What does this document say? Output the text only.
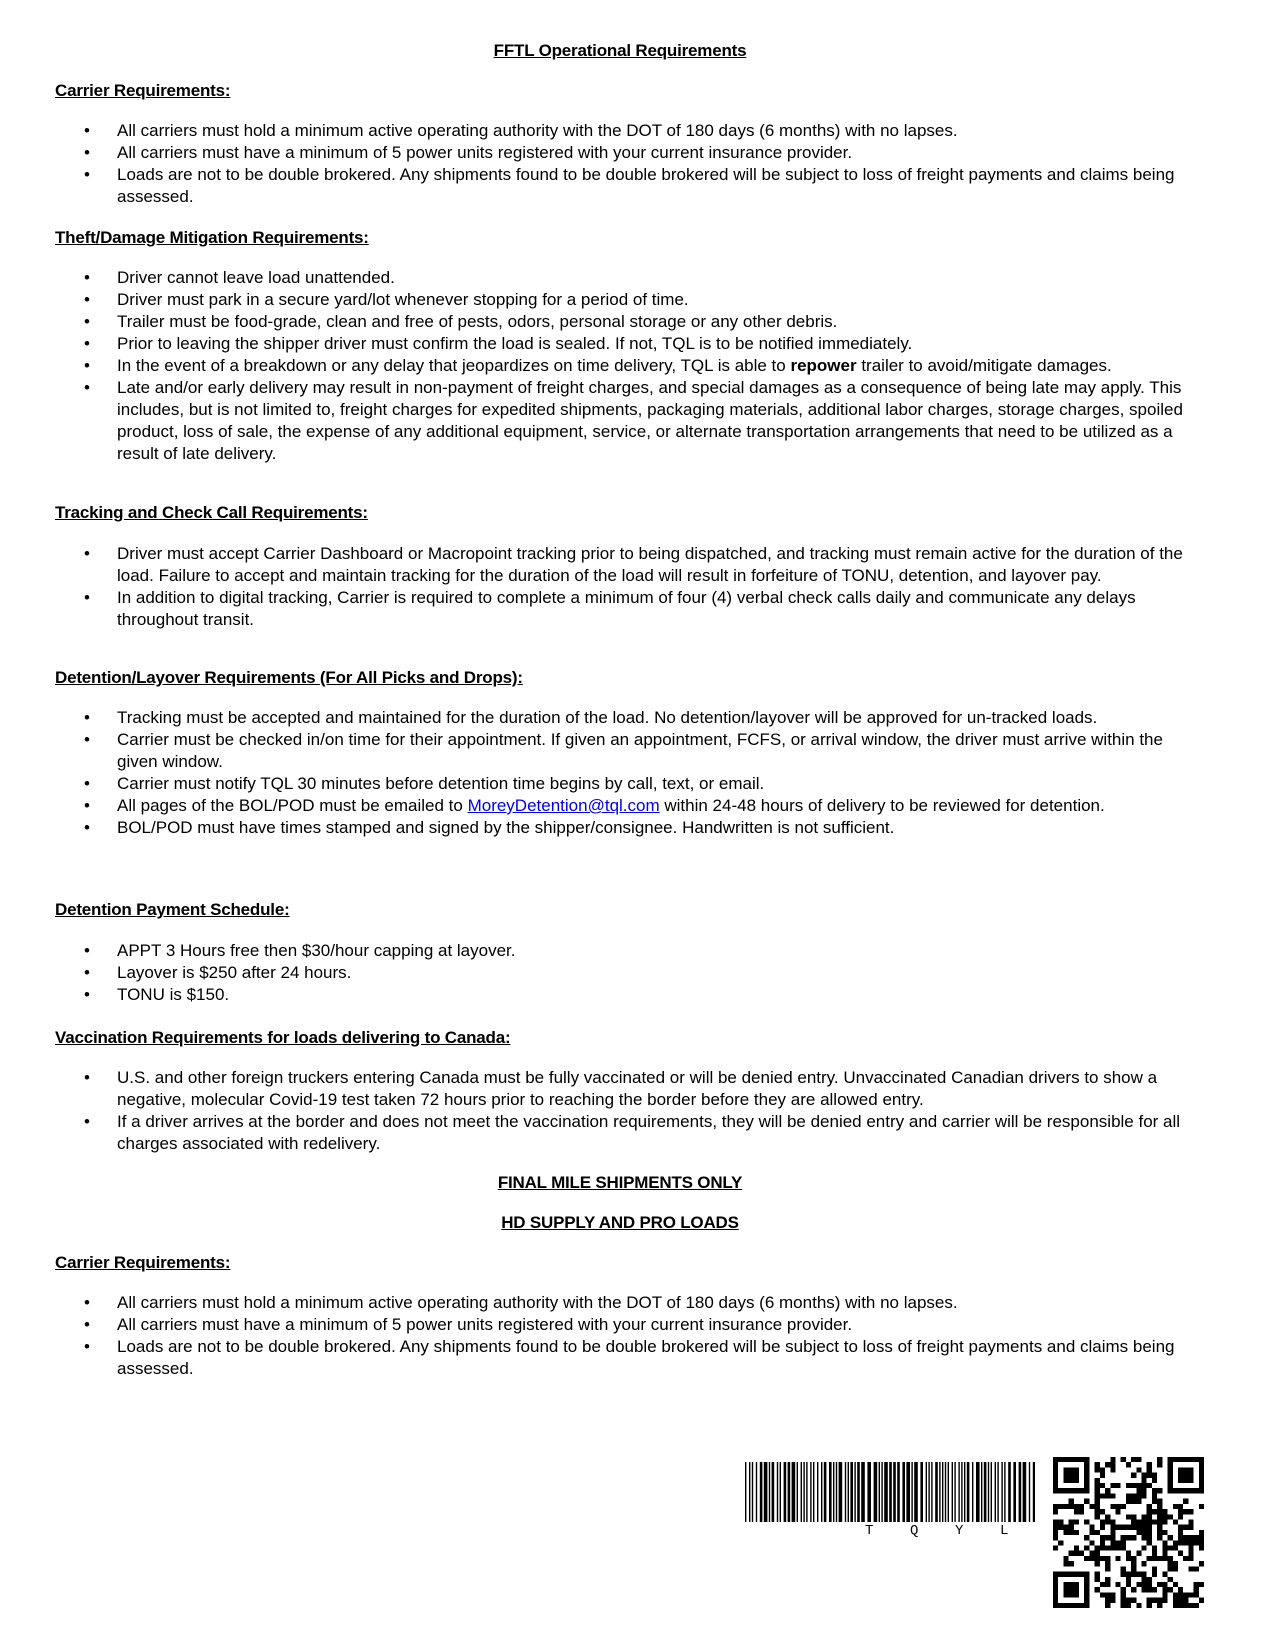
FFTL Operational Requirements
Carrier Requirements:
• All carriers must hold a minimum active operating authority with the DOT of 180 days (6 months) with no lapses.
• All carriers must have a minimum of 5 power units registered with your current insurance provider.
• Loads are not to be double brokered. Any shipments found to be double brokered will be subject to loss of freight payments and claims being assessed.
Theft/Damage Mitigation Requirements:
• Driver cannot leave load unattended.
• Driver must park in a secure yard/lot whenever stopping for a period of time.
• Trailer must be food-grade, clean and free of pests, odors, personal storage or any other debris.
• Prior to leaving the shipper driver must confirm the load is sealed. If not, TQL is to be notified immediately.
• In the event of a breakdown or any delay that jeopardizes on time delivery, TQL is able to repower trailer to avoid/mitigate damages.
• Late and/or early delivery may result in non-payment of freight charges, and special damages as a consequence of being late may apply. This includes, but is not limited to, freight charges for expedited shipments, packaging materials, additional labor charges, storage charges, spoiled product, loss of sale, the expense of any additional equipment, service, or alternate transportation arrangements that need to be utilized as a result of late delivery.
Tracking and Check Call Requirements:
• Driver must accept Carrier Dashboard or Macropoint tracking prior to being dispatched, and tracking must remain active for the duration of the load. Failure to accept and maintain tracking for the duration of the load will result in forfeiture of TONU, detention, and layover pay.
• In addition to digital tracking, Carrier is required to complete a minimum of four (4) verbal check calls daily and communicate any delays throughout transit.
Detention/Layover Requirements (For All Picks and Drops):
• Tracking must be accepted and maintained for the duration of the load. No detention/layover will be approved for un-tracked loads.
• Carrier must be checked in/on time for their appointment. If given an appointment, FCFS, or arrival window, the driver must arrive within the given window.
• Carrier must notify TQL 30 minutes before detention time begins by call, text, or email.
• All pages of the BOL/POD must be emailed to MoreyDetention@tql.com within 24-48 hours of delivery to be reviewed for detention.
• BOL/POD must have times stamped and signed by the shipper/consignee. Handwritten is not sufficient.
Detention Payment Schedule:
• APPT 3 Hours free then $30/hour capping at layover.
• Layover is $250 after 24 hours.
• TONU is $150.
Vaccination Requirements for loads delivering to Canada:
• U.S. and other foreign truckers entering Canada must be fully vaccinated or will be denied entry. Unvaccinated Canadian drivers to show a negative, molecular Covid-19 test taken 72 hours prior to reaching the border before they are allowed entry.
• If a driver arrives at the border and does not meet the vaccination requirements, they will be denied entry and carrier will be responsible for all charges associated with redelivery.
FINAL MILE SHIPMENTS ONLY
HD SUPPLY AND PRO LOADS
Carrier Requirements:
• All carriers must hold a minimum active operating authority with the DOT of 180 days (6 months) with no lapses.
• All carriers must have a minimum of 5 power units registered with your current insurance provider.
• Loads are not to be double brokered. Any shipments found to be double brokered will be subject to loss of freight payments and claims being assessed.
T	Q	Y	L
